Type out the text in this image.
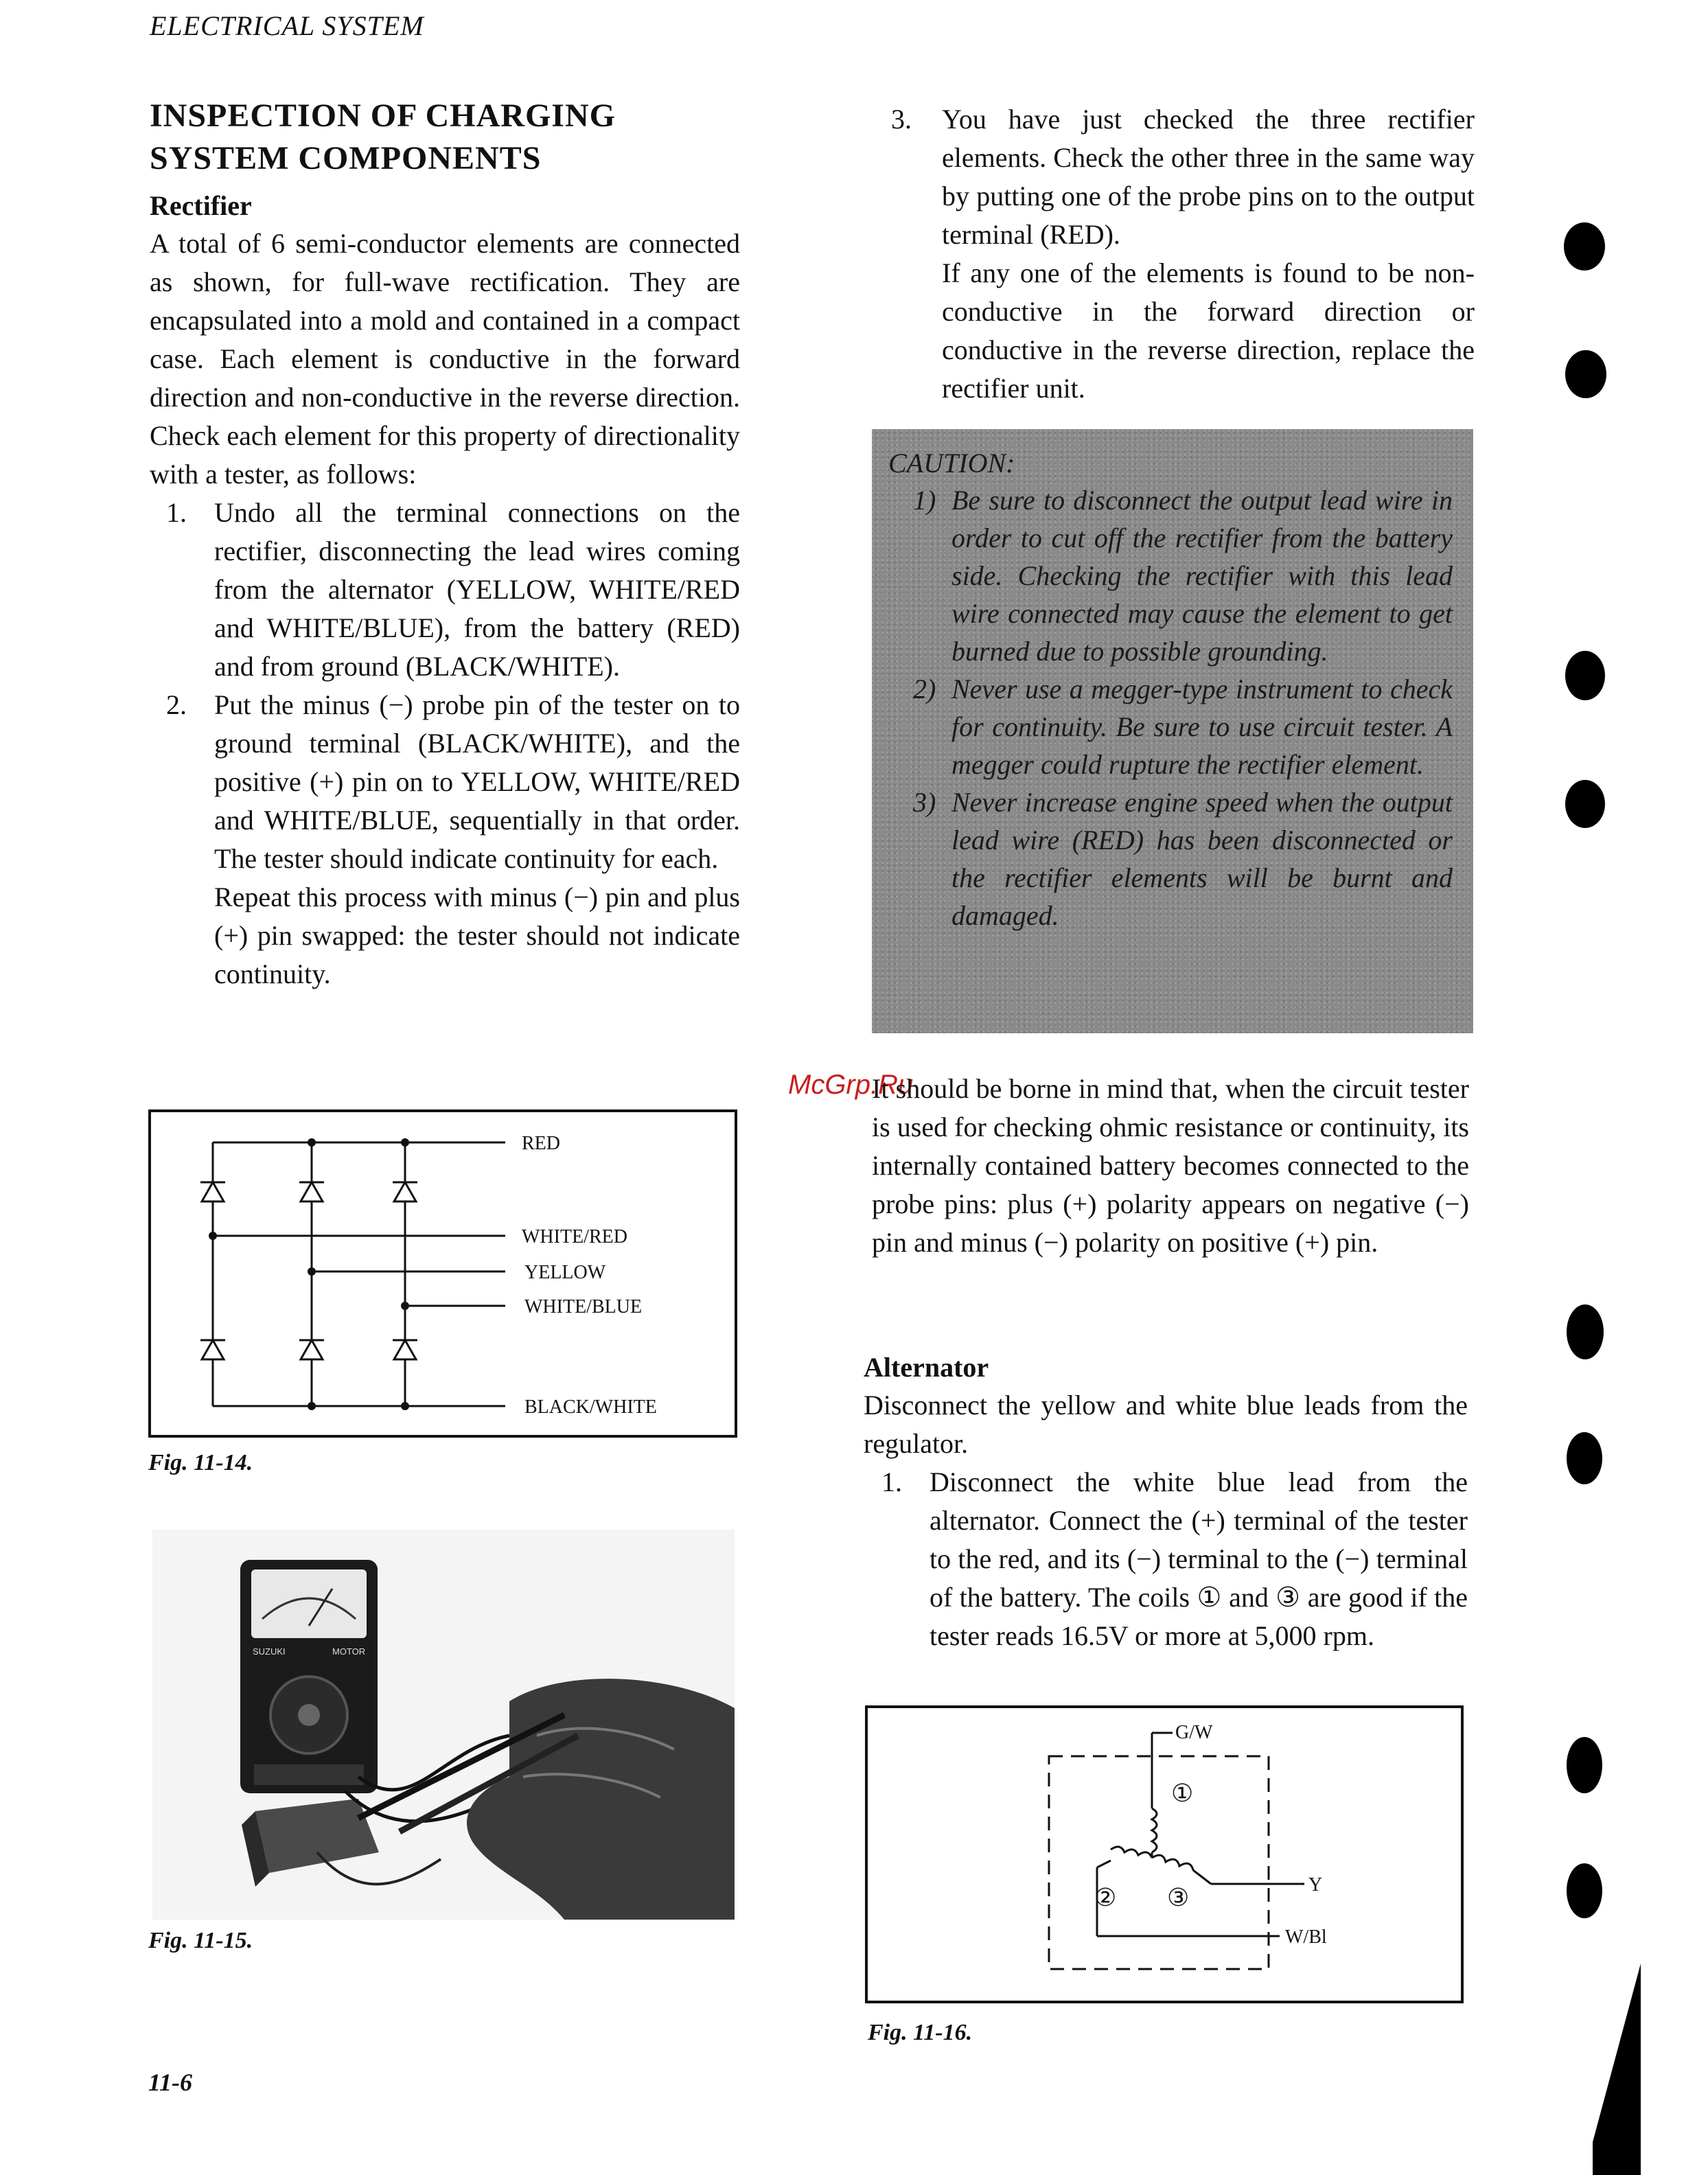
ELECTRICAL SYSTEM
INSPECTION OF CHARGING
SYSTEM COMPONENTS
Rectifier
A total of 6 semi-conductor elements are connected as shown, for full-wave rectification. They are encapsulated into a mold and contained in a compact case. Each element is conductive in the forward direction and non-conductive in the reverse direction. Check each element for this property of directionality with a tester, as follows:
1. Undo all the terminal connections on the rectifier, disconnecting the lead wires coming from the alternator (YELLOW, WHITE/RED and WHITE/BLUE), from the battery (RED) and from ground (BLACK/WHITE).
2. Put the minus (−) probe pin of the tester on to ground terminal (BLACK/WHITE), and the positive (+) pin on to YELLOW, WHITE/RED and WHITE/BLUE, sequentially in that order. The tester should indicate continuity for each.
Repeat this process with minus (−) pin and plus (+) pin swapped: the tester should not indicate continuity.
RED
WHITE/RED
YELLOW
WHITE/BLUE
BLACK/WHITE
Fig. 11-14.
SUZUKI	MOTOR
Fig. 11-15.
11-6
3. You have just checked the three rectifier elements. Check the other three in the same way by putting one of the probe pins on to the output terminal (RED).
If any one of the elements is found to be non-conductive in the forward direction or conductive in the reverse direction, replace the rectifier unit.
CAUTION:
1) Be sure to disconnect the output lead wire in order to cut off the rectifier from the battery side. Checking the rectifier with this lead wire connected may cause the element to get burned due to possible grounding.
2) Never use a megger-type instrument to check for continuity. Be sure to use circuit tester. A megger could rupture the rectifier element.
3) Never increase engine speed when the output lead wire (RED) has been disconnected or the rectifier elements will be burnt and damaged.
McGrp.Ru
It should be borne in mind that, when the circuit tester is used for checking ohmic resistance or continuity, its internally contained battery becomes connected to the probe pins: plus (+) polarity appears on negative (−) pin and minus (−) polarity on positive (+) pin.
Alternator
Disconnect the yellow and white blue leads from the regulator.
1. Disconnect the white blue lead from the alternator. Connect the (+) terminal of the tester to the red, and its (−) terminal to the (−) terminal of the battery. The coils ① and ③ are good if the tester reads 16.5V or more at 5,000 rpm.
G/W
①
② ③	Y
W/Bl
Fig. 11-16.
